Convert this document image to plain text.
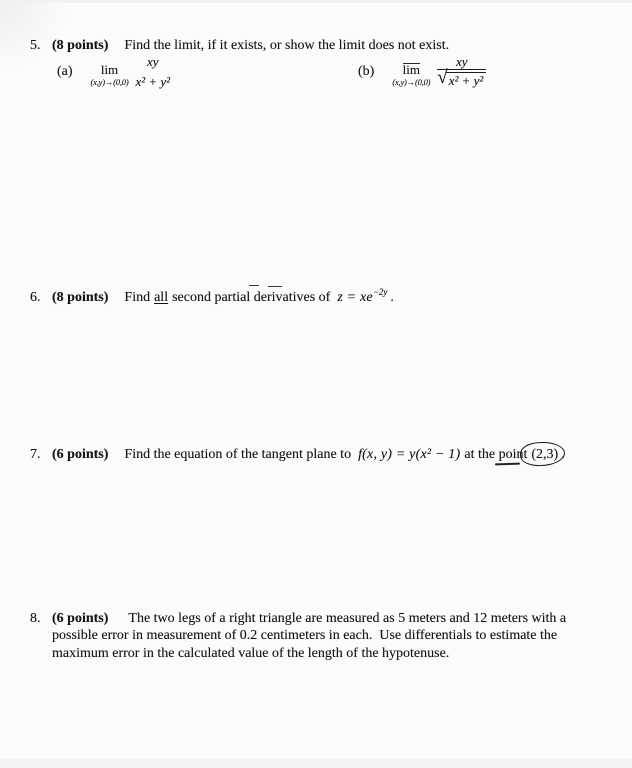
5. (8 points) Find the limit, if it exists, or show the limit does not exist.
(a) lim
(x,y)→(0,0)
xy
x² + y²
(b) lim
$(x,y)\to(0,0) \frac{xy}{\text{√ x² + y²}}$
6. (8 points) Find all second partial derivatives of $z = xe^{-2y}$ .
7. (6 points) Find the equation of the tangent plane to f(x, y) = y(x² − 1) at the point (2,3) .
8. (6 points) The two legs of a right triangle are measured as 5 meters and 12 meters with a
possible error in measurement of 0.2 centimeters in each.  Use differentials to estimate the
maximum error in the calculated value of the length of the hypotenuse.
